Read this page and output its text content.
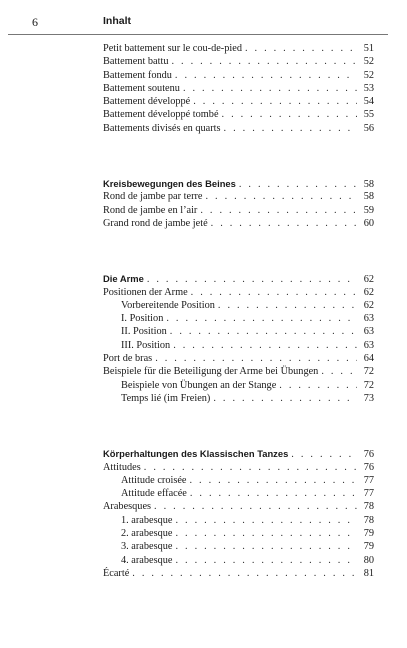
6	Inhalt
Petit battement sur le cou-de-pied . . .	51
Battement battu . . .	52
Battement fondu . . .	52
Battement soutenu . . .	53
Battement développé . . .	54
Battement développé tombé . . .	55
Battements divisés en quarts . . .	56
Kreisbewegungen des Beines . . .	58
Rond de jambe par terre . . .	58
Rond de jambe en l’air . . .	59
Grand rond de jambe jeté . . .	60
Die Arme . . .	62
Positionen der Arme . . .	62
Vorbereitende Position . . .	62
I. Position . . .	63
II. Position . . .	63
III. Position . . .	63
Port de bras . . .	64
Beispiele für die Beteiligung der Arme bei Übungen . . .	72
Beispiele von Übungen an der Stange . . .	72
Temps lié (im Freien) . . .	73
Körperhaltungen des Klassischen Tanzes . . .	76
Attitudes . . .	76
Attitude croisée . . .	77
Attitude effacée . . .	77
Arabesques . . .	78
1. arabesque . . .	78
2. arabesque . . .	79
3. arabesque . . .	79
4. arabesque . . .	80
Écarté . . .	81
